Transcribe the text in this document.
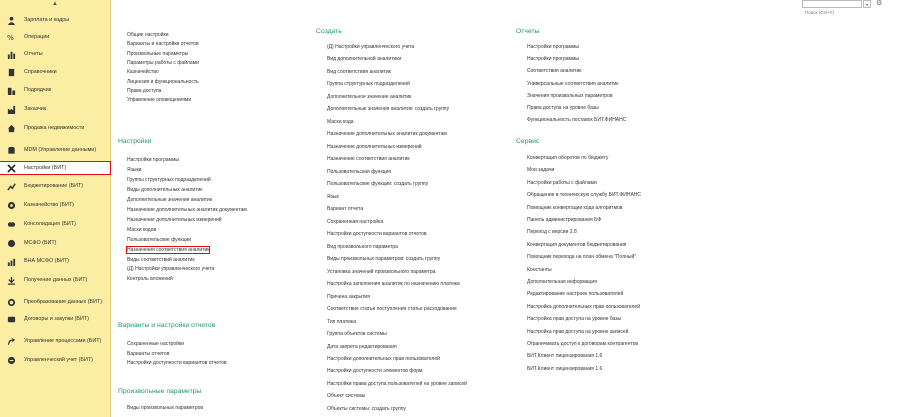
▲
Зарплата и кадры
% Операции
Отчеты
Справочники
Подрядчик
Заказчик
Продажа недвижимости
MDM (Управление данными)
Настройки (БИТ)
Бюджетирование (БИТ)
Казначейство (БИТ)
Консолидация (БИТ)
МСФО (БИТ)
ВНА МСФО (БИТ)
Получение данных (БИТ)
Преобразование данных (БИТ)
Договоры и закупки (БИТ)
Управление процессами (БИТ)
Управленческий учет (БИТ)
Поиск (Ctrl+F)
▾ ⚙
Общие настройки
Варианты и настройки отчетов
Произвольные параметры
Параметры работы с файлами
Казначейство
Лицензия и функциональность
Права доступа
Управление оповещениями
Настройки
Настройки программы
Языки
Группы структурных подразделений
Виды дополнительных аналитик
Дополнительные значения аналитик
Назначение дополнительных аналитик документам
Назначение дополнительных измерений
Маски кодов
Пользовательские функции
Назначения соответствия аналитик
Виды соответствий аналитик
(Д) Настройки управленческого учета
Контроль вложений
Варианты и настройки отчетов
Сохраненные настройки
Варианты отчетов
Настройки доступности вариантов отчетов
Произвольные параметры
Виды произвольных параметров
Создать
(Д) Настройки управленческого учета
Вид дополнительной аналитики
Вид соответствия аналитик
Группа структурных подразделений
Дополнительное значение аналитик
Дополнительные значения аналитик: создать группу
Маска кода
Назначение дополнительных аналитик документам
Назначение дополнительных измерений
Назначение соответствия аналитик
Пользовательская функция
Пользовательские функции: создать группу
Язык
Вариант отчета
Сохраненная настройка
Настройки доступности вариантов отчетов
Вид произвольного параметра
Виды произвольных параметров: создать группу
Установка значений произвольного параметра
Настройка заполнения аналитик по назначению платежа
Причина закрытия
Соответствие статьи поступления статье расходования
Тип платежа
Группа объектов системы
Дата запрета редактирования
Настройки дополнительных прав пользователей
Настройки доступности элементов форм
Настройки права доступа пользователей на уровне записей
Объект системы
Объекты системы: создать группу
Отчеты
Настройки программы
Настройки программы
Соответствия аналитик
Универсальные соответствия аналитик
Значения произвольных параметров
Права доступа на уровне базы
Функциональность поставок БИТ.ФИНАНС
Сервис
Конвертация оборотов по бюджету
Мои задачи
Настройки работы с файлами
Обращение в техническую службу БИТ.ФИНАНС
Помощник конвертации кода алгоритмов
Панель администрирования БФ
Переход с версии 2.8
Конвертация документов бюджетирования
Помощник перехода на план обмена "Полный"
Константы
Дополнительная информация
Редактирование настроек пользователей
Настройка дополнительных прав пользователей
Настройка прав доступа на уровне базы
Настройка прав доступа на уровне записей
Ограничивать доступ к договорам контрагентов
БИТ.Клиент лицензирования 1.6
БИТ.Клиент лицензирования 1.6
